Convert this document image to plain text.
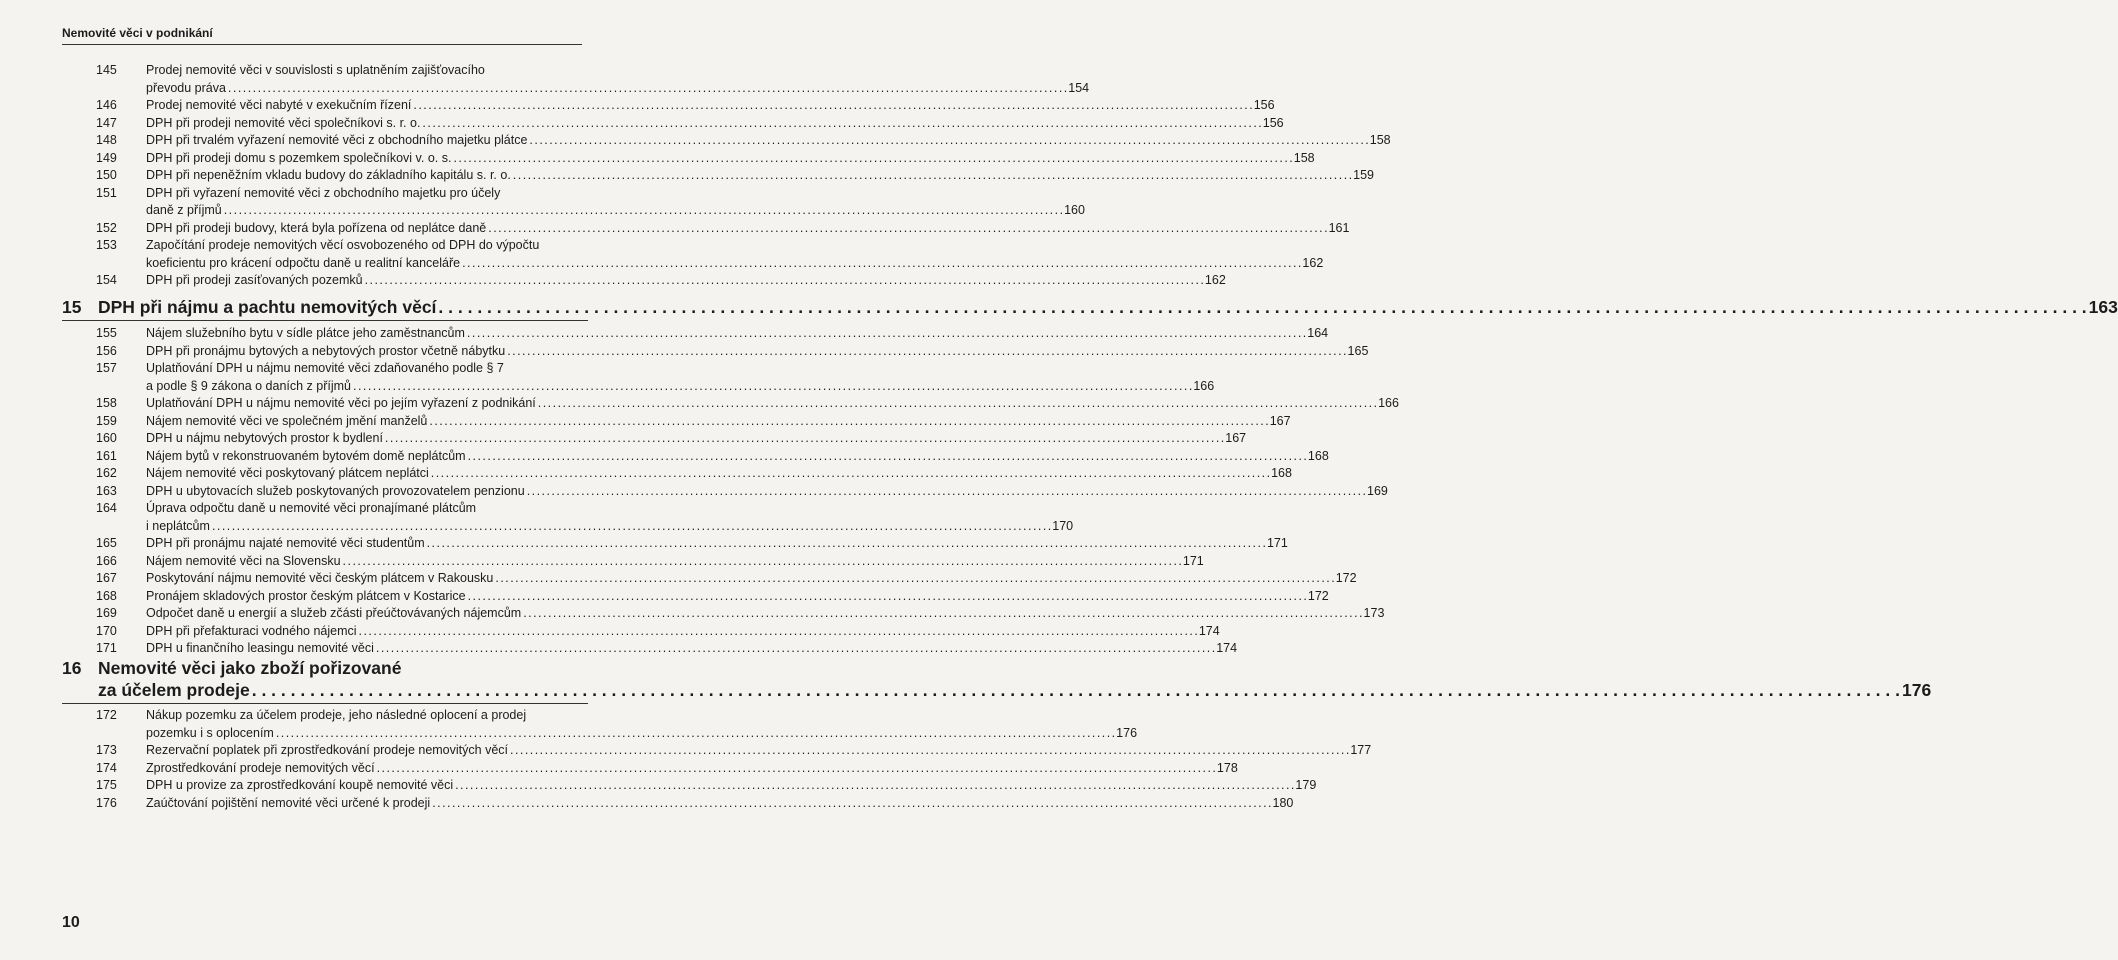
Nemovité věci v podnikání
145	Prodej nemovité věci v souvislosti s uplatněním zajišťovacího
převodu práva . . .	154
146	Prodej nemovité věci nabyté v exekučním řízení . . .	156
147	DPH při prodeji nemovité věci společníkovi s. r. o. . . .	156
148	DPH při trvalém vyřazení nemovité věci z obchodního majetku plátce . . .	158
149	DPH při prodeji domu s pozemkem společníkovi v. o. s. . . .	158
150	DPH při nepeněžním vkladu budovy do základního kapitálu s. r. o. . . .	159
151	DPH při vyřazení nemovité věci z obchodního majetku pro účely
daně z příjmů . . .	160
152	DPH při prodeji budovy, která byla pořízena od neplátce daně . . .	161
153	Započítání prodeje nemovitých věcí osvobozeného od DPH do výpočtu
koeficientu pro krácení odpočtu daně u realitní kanceláře . . .	162
154	DPH při prodeji zasíťovaných pozemků . . .	162
15 DPH při nájmu a pachtu nemovitých věcí . . .	163
155	Nájem služebního bytu v sídle plátce jeho zaměstnancům . . .	164
156	DPH při pronájmu bytových a nebytových prostor včetně nábytku . . .	165
157	Uplatňování DPH u nájmu nemovité věci zdaňovaného podle § 7
a podle § 9 zákona o daních z příjmů . . .	166
158	Uplatňování DPH u nájmu nemovité věci po jejím vyřazení z podnikání . . .	166
159	Nájem nemovité věci ve společném jmění manželů . . .	167
160	DPH u nájmu nebytových prostor k bydlení . . .	167
161	Nájem bytů v rekonstruovaném bytovém domě neplátcům . . .	168
162	Nájem nemovité věci poskytovaný plátcem neplátci . . .	168
163	DPH u ubytovacích služeb poskytovaných provozovatelem penzionu . . .	169
164	Úprava odpočtu daně u nemovité věci pronajímané plátcům
i neplátcům . . .	170
165	DPH při pronájmu najaté nemovité věci studentům . . .	171
166	Nájem nemovité věci na Slovensku . . .	171
167	Poskytování nájmu nemovité věci českým plátcem v Rakousku . . .	172
168	Pronájem skladových prostor českým plátcem v Kostarice . . .	172
169	Odpočet daně u energií a služeb zčásti přeúčtovávaných nájemcům . . .	173
170	DPH při přefakturaci vodného nájemci . . .	174
171	DPH u finančního leasingu nemovité věci . . .	174
16 Nemovité věci jako zboží pořizované
za účelem prodeje . . .	176
172	Nákup pozemku za účelem prodeje, jeho následné oplocení a prodej
pozemku i s oplocením . . .	176
173	Rezervační poplatek při zprostředkování prodeje nemovitých věcí . . .	177
174	Zprostředkování prodeje nemovitých věcí . . .	178
175	DPH u provize za zprostředkování koupě nemovité věci . . .	179
176	Zaúčtování pojištění nemovité věci určené k prodeji . . .	180
10
